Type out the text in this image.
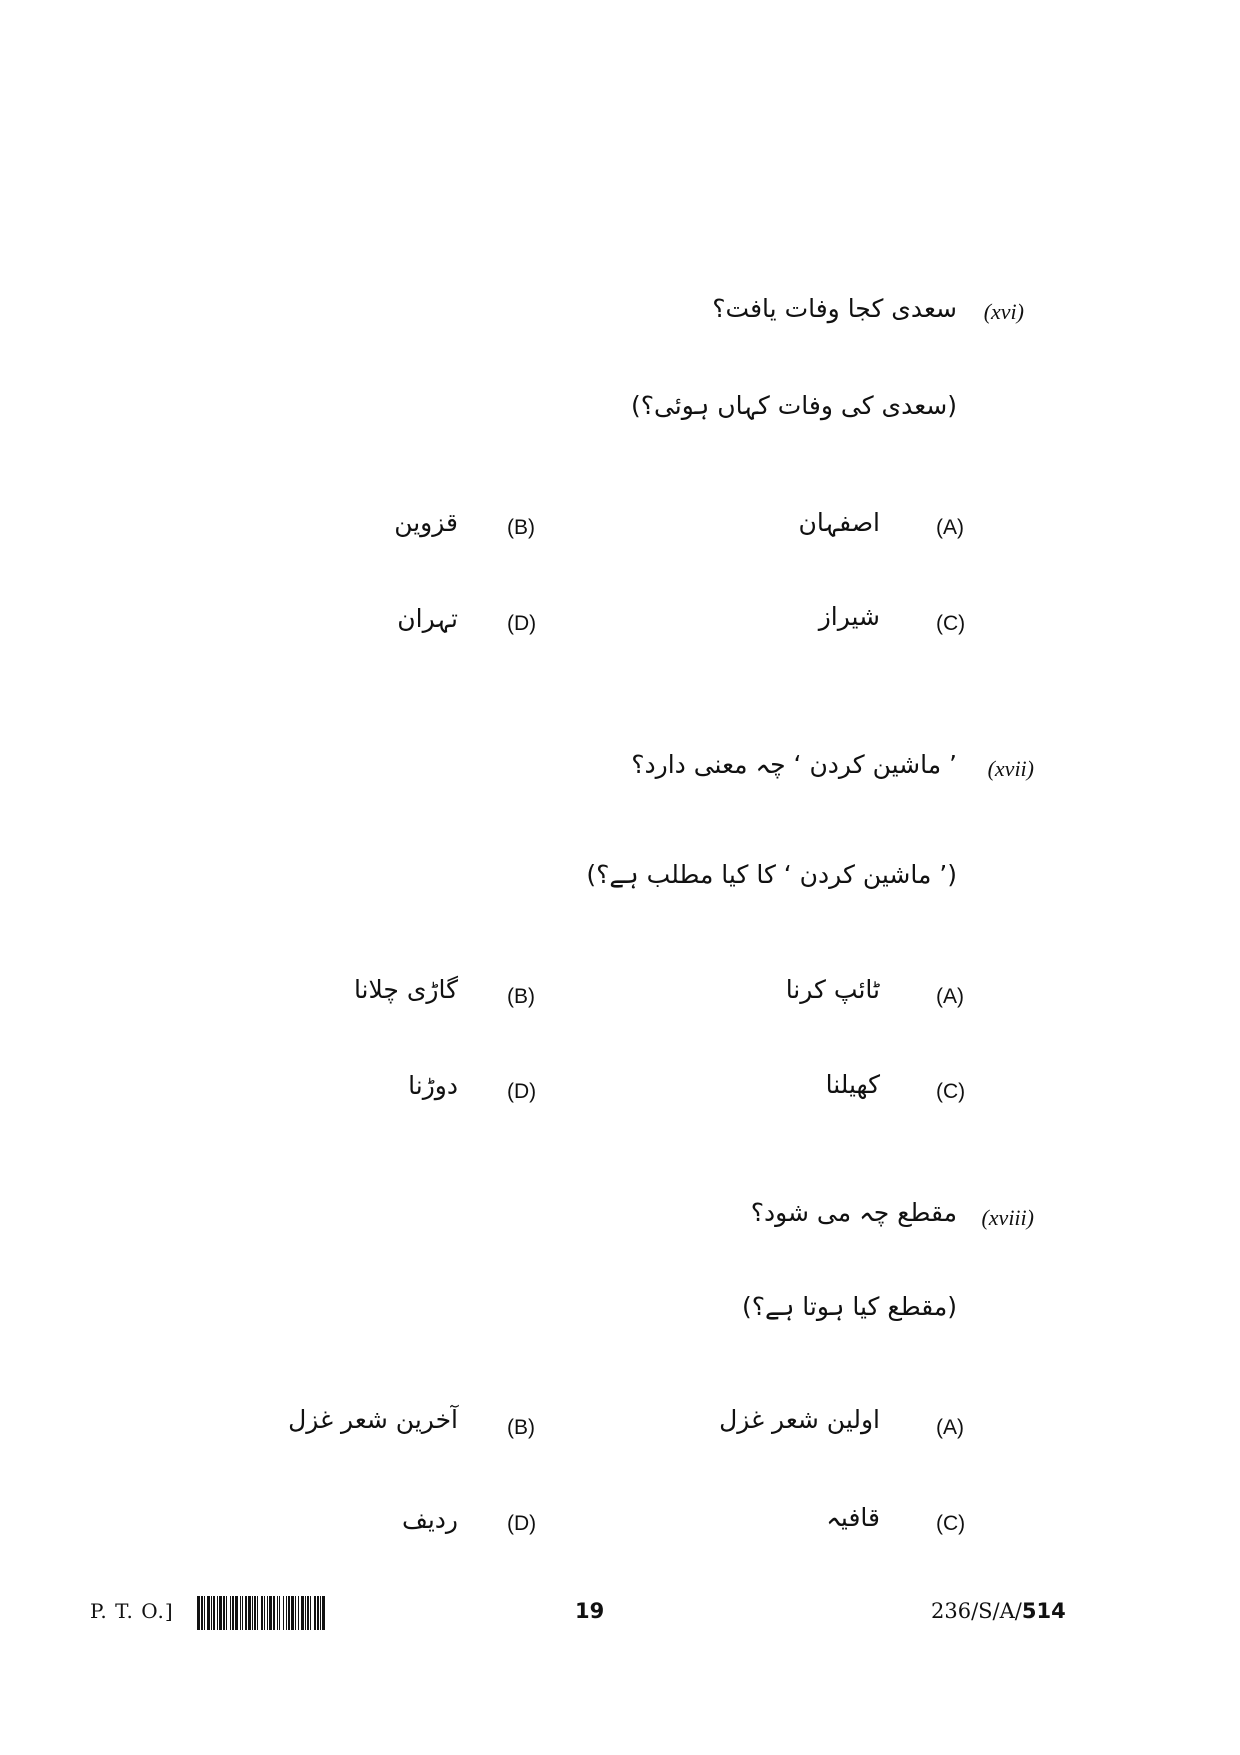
(xvi)
سعدی کجا وفات یافت؟
(سعدی کی وفات کہاں ہوئی؟)
(A)
اصفہان
(B)
قزوین
(C)
شیراز
(D)
تہران
(xvii)
’ ماشین کردن ‘ چہ معنی دارد؟
(’ ماشین کردن ‘ کا کیا مطلب ہے؟)
(A)
ٹائپ کرنا
(B)
گاڑی چلانا
(C)
کھیلنا
(D)
دوڑنا
(xviii)
مقطع چہ می شود؟
(مقطع کیا ہوتا ہے؟)
(A)
اولین شعر غزل
(B)
آخرین شعر غزل
(C)
قافیہ
(D)
ردیف
P. T. O.]	19	236/S/A/514
